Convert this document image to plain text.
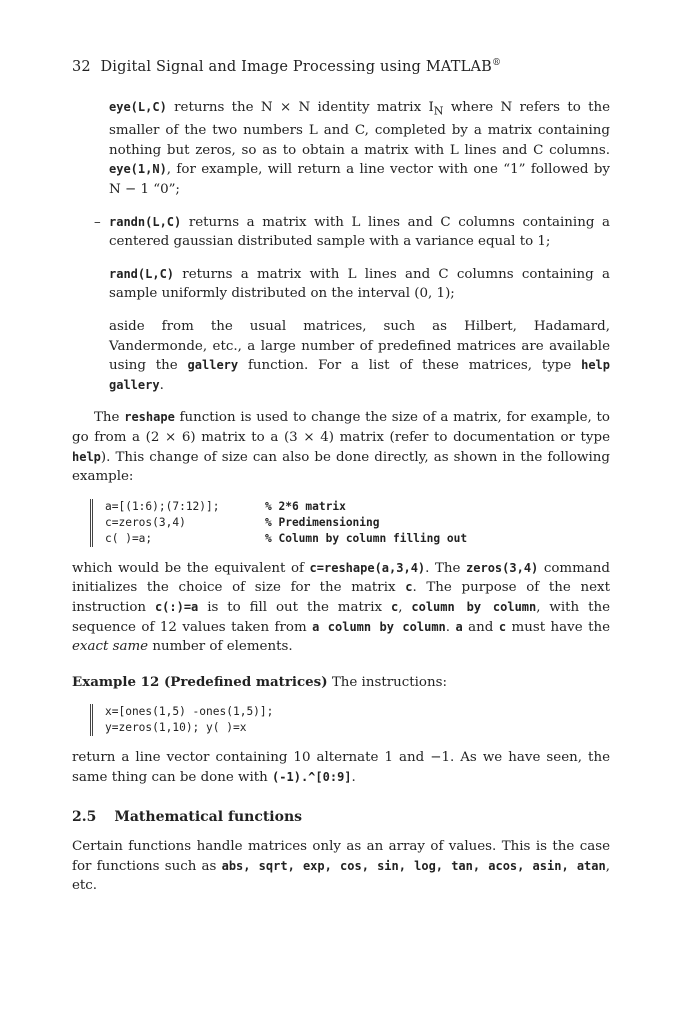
32 Digital Signal and Image Processing using MATLAB®

eye(L,C) returns the N × N identity matrix $I_N$ where N refers to the smaller of the two numbers L and C, completed by a matrix containing nothing but zeros, so as to obtain a matrix with L lines and C columns. eye(1,N), for example, will return a line vector with one “1” followed by N − 1 “0”;

– randn(L,C) returns a matrix with L lines and C columns containing a centered gaussian distributed sample with a variance equal to 1;

rand(L,C) returns a matrix with L lines and C columns containing a sample uniformly distributed on the interval (0, 1);

aside from the usual matrices, such as Hilbert, Hadamard, Vandermonde, etc., a large number of predefined matrices are available using the gallery function. For a list of these matrices, type help gallery.

The reshape function is used to change the size of a matrix, for example, to go from a (2 × 6) matrix to a (3 × 4) matrix (refer to documentation or type help). This change of size can also be done directly, as shown in the following example:

a=[(1:6);(7:12)];	% 2*6 matrix
c=zeros(3,4)	% Predimensioning
c( )=a;	% Column by column filling out

which would be the equivalent of c=reshape(a,3,4). The zeros(3,4) command initializes the choice of size for the matrix c. The purpose of the next instruction c(:)=a is to fill out the matrix c, column by column, with the sequence of 12 values taken from a column by column. a and c must have the exact same number of elements.

Example 12 (Predefined matrices) The instructions:

x=[ones(1,5) -ones(1,5)];
y=zeros(1,10); y( )=x

return a line vector containing 10 alternate 1 and −1. As we have seen, the same thing can be done with (-1).^[0:9].

2.5 Mathematical functions

Certain functions handle matrices only as an array of values. This is the case for functions such as abs, sqrt, exp, cos, sin, log, tan, acos, asin, atan, etc.
